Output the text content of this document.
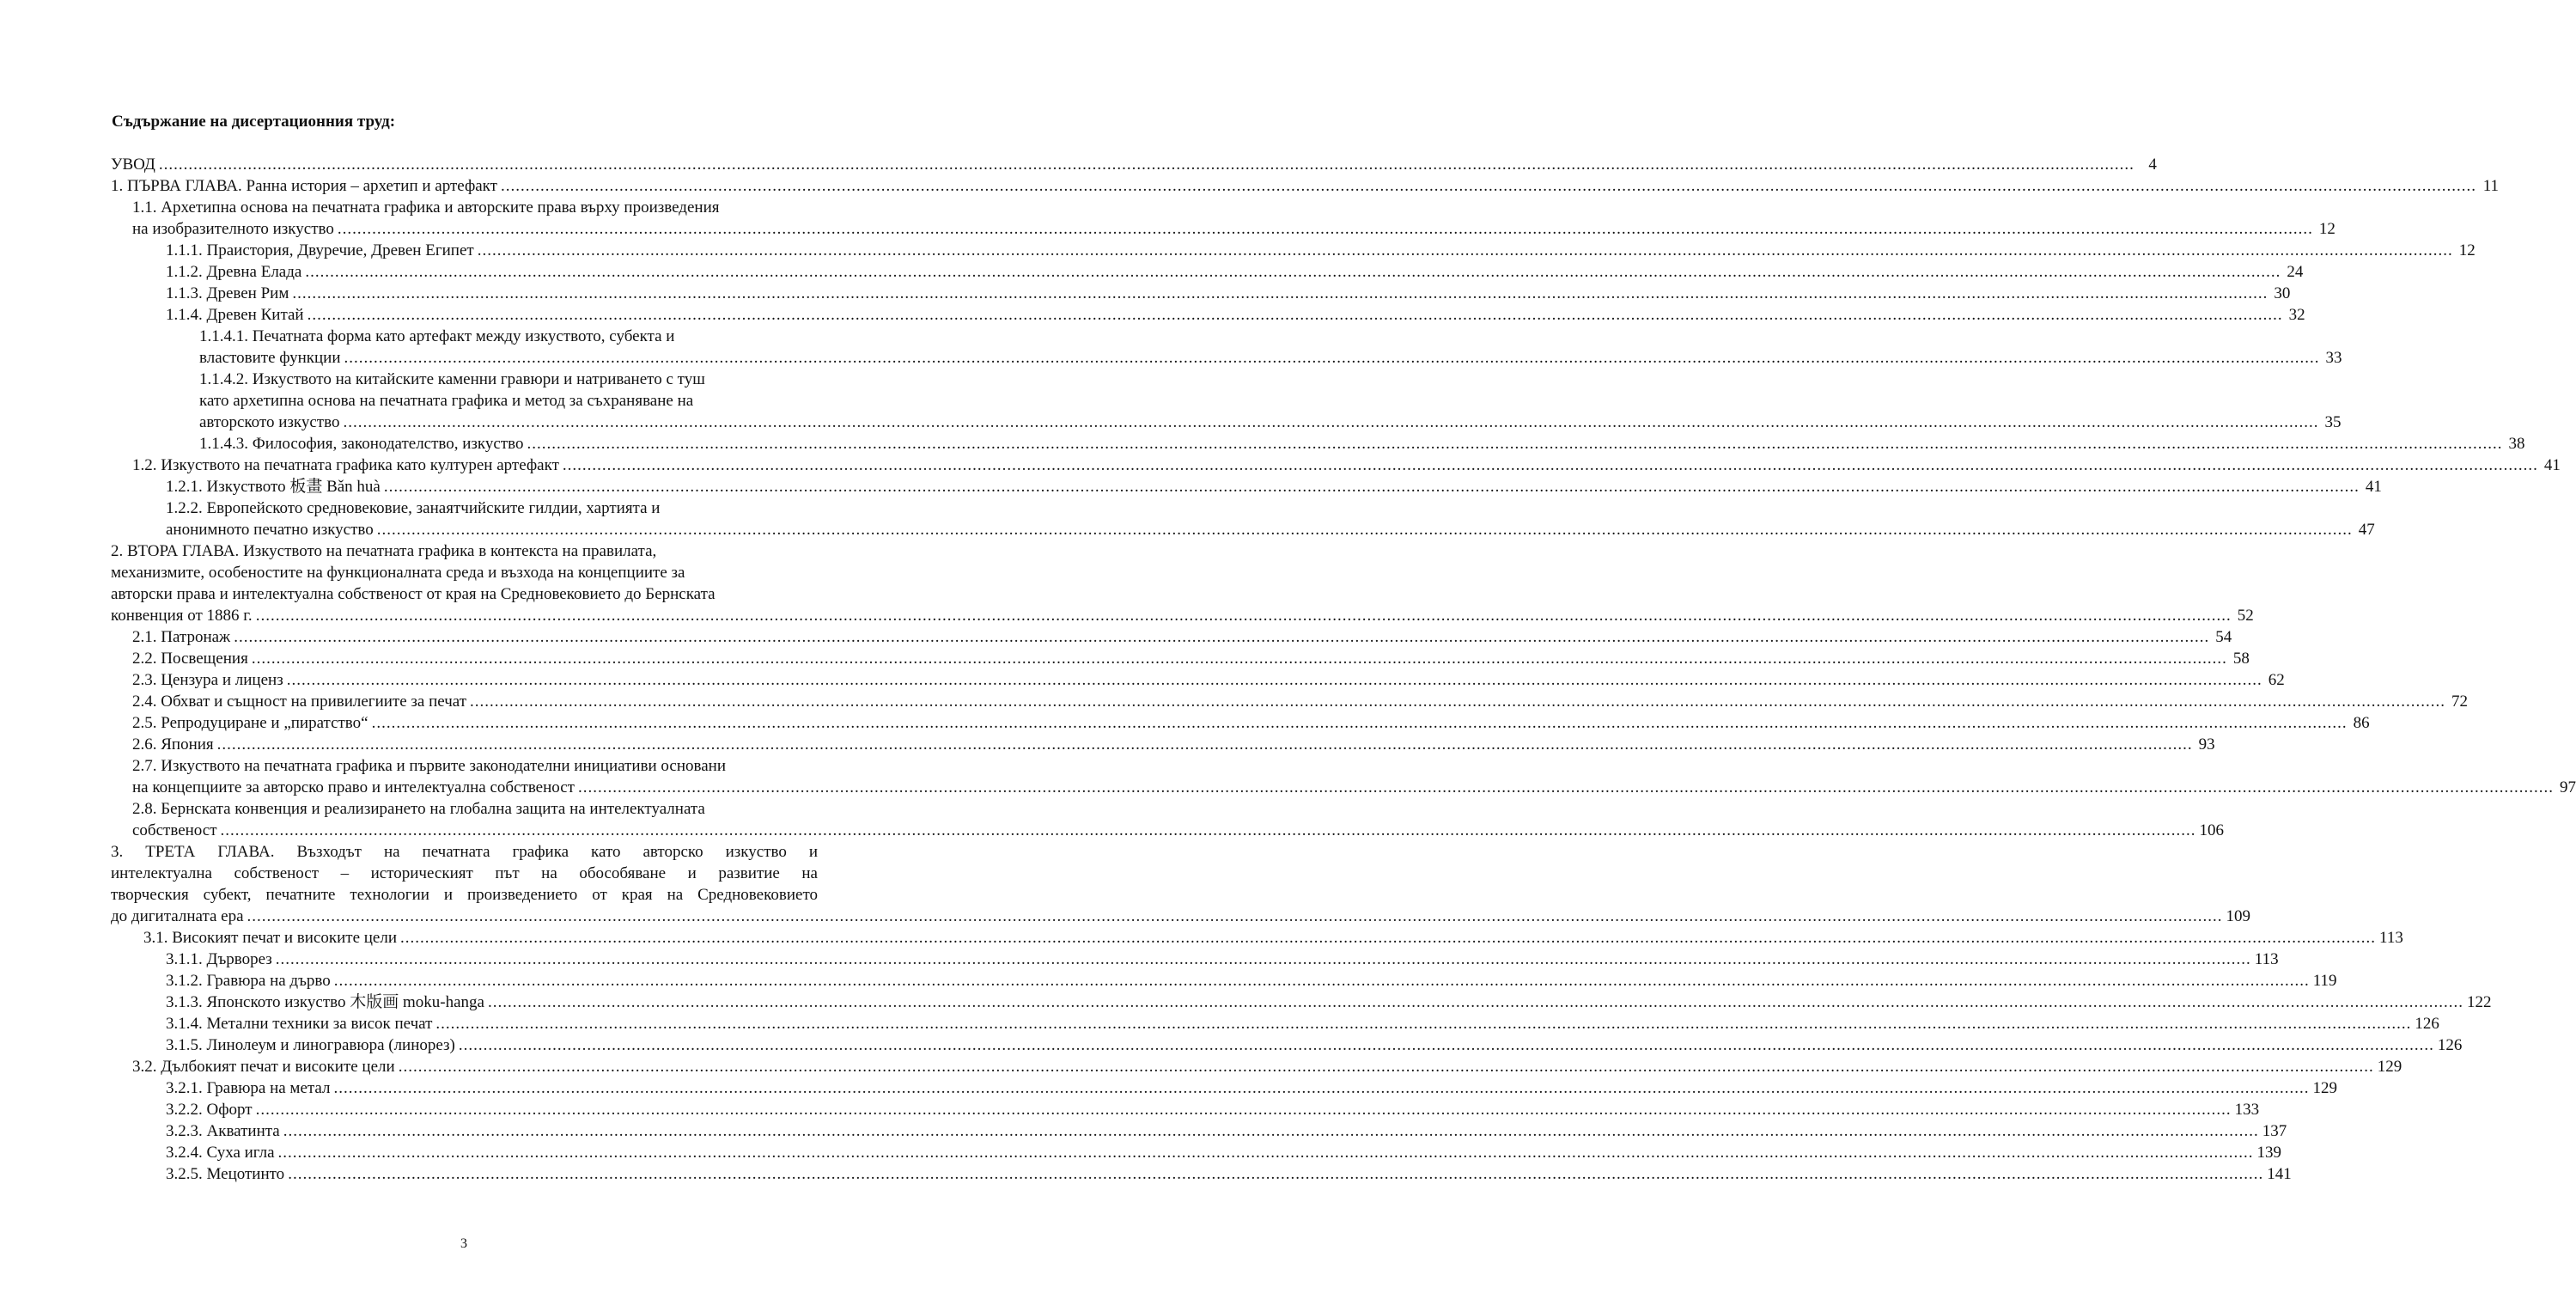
Съдържание на дисертационния труд:
УВОД ................................................................................................................................................................................................................................................................................................................................................................................................................ 4
1. ПЪРВА ГЛАВА. Ранна история – архетип и артефакт ................................................................................................................................................................................................................................................................................................................................................................................................................ 11
1.1. Архетипна основа на печатната графика и авторските права върху произведения
на изобразителното изкуство ................................................................................................................................................................................................................................................................................................................................................................................................................ 12
1.1.1. Праистория, Двуречие, Древен Египет ................................................................................................................................................................................................................................................................................................................................................................................................................ 12
1.1.2. Древна Елада ................................................................................................................................................................................................................................................................................................................................................................................................................ 24
1.1.3. Древен Рим ................................................................................................................................................................................................................................................................................................................................................................................................................ 30
1.1.4. Древен Китай ................................................................................................................................................................................................................................................................................................................................................................................................................ 32
1.1.4.1. Печатната форма като артефакт между изкуството, субекта и
властовите функции ................................................................................................................................................................................................................................................................................................................................................................................................................ 33
1.1.4.2. Изкуството на китайските каменни гравюри и натриването с туш
като архетипна основа на печатната графика и метод за съхраняване на
авторското изкуство ................................................................................................................................................................................................................................................................................................................................................................................................................ 35
1.1.4.3. Философия, законодателство, изкуство ................................................................................................................................................................................................................................................................................................................................................................................................................ 38
1.2. Изкуството на печатната графика като културен артефакт ................................................................................................................................................................................................................................................................................................................................................................................................................ 41
1.2.1. Изкуството 板畫 Bǎn huà ................................................................................................................................................................................................................................................................................................................................................................................................................ 41
1.2.2. Европейското средновековие, занаятчийските гилдии, хартията и
анонимното печатно изкуство ................................................................................................................................................................................................................................................................................................................................................................................................................ 47
2. ВТОРА ГЛАВА. Изкуството на печатната графика в контекста на правилата,
механизмите, особеностите на функционалната среда и възхода на концепциите за
авторски права и интелектуална собственост от края на Средновековието до Бернската
конвенция от 1886 г. ................................................................................................................................................................................................................................................................................................................................................................................................................ 52
2.1. Патронаж ................................................................................................................................................................................................................................................................................................................................................................................................................ 54
2.2. Посвещения ................................................................................................................................................................................................................................................................................................................................................................................................................ 58
2.3. Цензура и лиценз ................................................................................................................................................................................................................................................................................................................................................................................................................ 62
2.4. Обхват и същност на привилегиите за печат ................................................................................................................................................................................................................................................................................................................................................................................................................ 72
2.5. Репродуциране и „пиратство“ ................................................................................................................................................................................................................................................................................................................................................................................................................ 86
2.6. Япония ................................................................................................................................................................................................................................................................................................................................................................................................................ 93
2.7. Изкуството на печатната графика и първите законодателни инициативи основани
на концепциите за авторско право и интелектуална собственост ................................................................................................................................................................................................................................................................................................................................................................................................................ 97
2.8. Бернската конвенция и реализирането на глобална защита на интелектуалната
собственост ................................................................................................................................................................................................................................................................................................................................................................................................................ 106
3. ТРЕТА ГЛАВА. Възходът на печатната графика като авторско изкуство и
интелектуална собственост – историческият път на обособяване и развитие на
творческия субект, печатните технологии и произведението от края на Средновековието
до дигиталната ера ................................................................................................................................................................................................................................................................................................................................................................................................................ 109
3.1. Високият печат и високите цели ................................................................................................................................................................................................................................................................................................................................................................................................................ 113
3.1.1. Дърворез ................................................................................................................................................................................................................................................................................................................................................................................................................ 113
3.1.2. Гравюра на дърво ................................................................................................................................................................................................................................................................................................................................................................................................................ 119
3.1.3. Японското изкуство 木版画 moku-hanga ................................................................................................................................................................................................................................................................................................................................................................................................................ 122
3.1.4. Метални техники за висок печат ................................................................................................................................................................................................................................................................................................................................................................................................................ 126
3.1.5. Линолеум и линогравюра (линорез) ................................................................................................................................................................................................................................................................................................................................................................................................................ 126
3.2. Дълбокият печат и високите цели ................................................................................................................................................................................................................................................................................................................................................................................................................ 129
3.2.1. Гравюра на метал ................................................................................................................................................................................................................................................................................................................................................................................................................ 129
3.2.2. Офорт ................................................................................................................................................................................................................................................................................................................................................................................................................ 133
3.2.3. Акватинта ................................................................................................................................................................................................................................................................................................................................................................................................................ 137
3.2.4. Суха игла ................................................................................................................................................................................................................................................................................................................................................................................................................ 139
3.2.5. Мецотинто ................................................................................................................................................................................................................................................................................................................................................................................................................ 141
3
